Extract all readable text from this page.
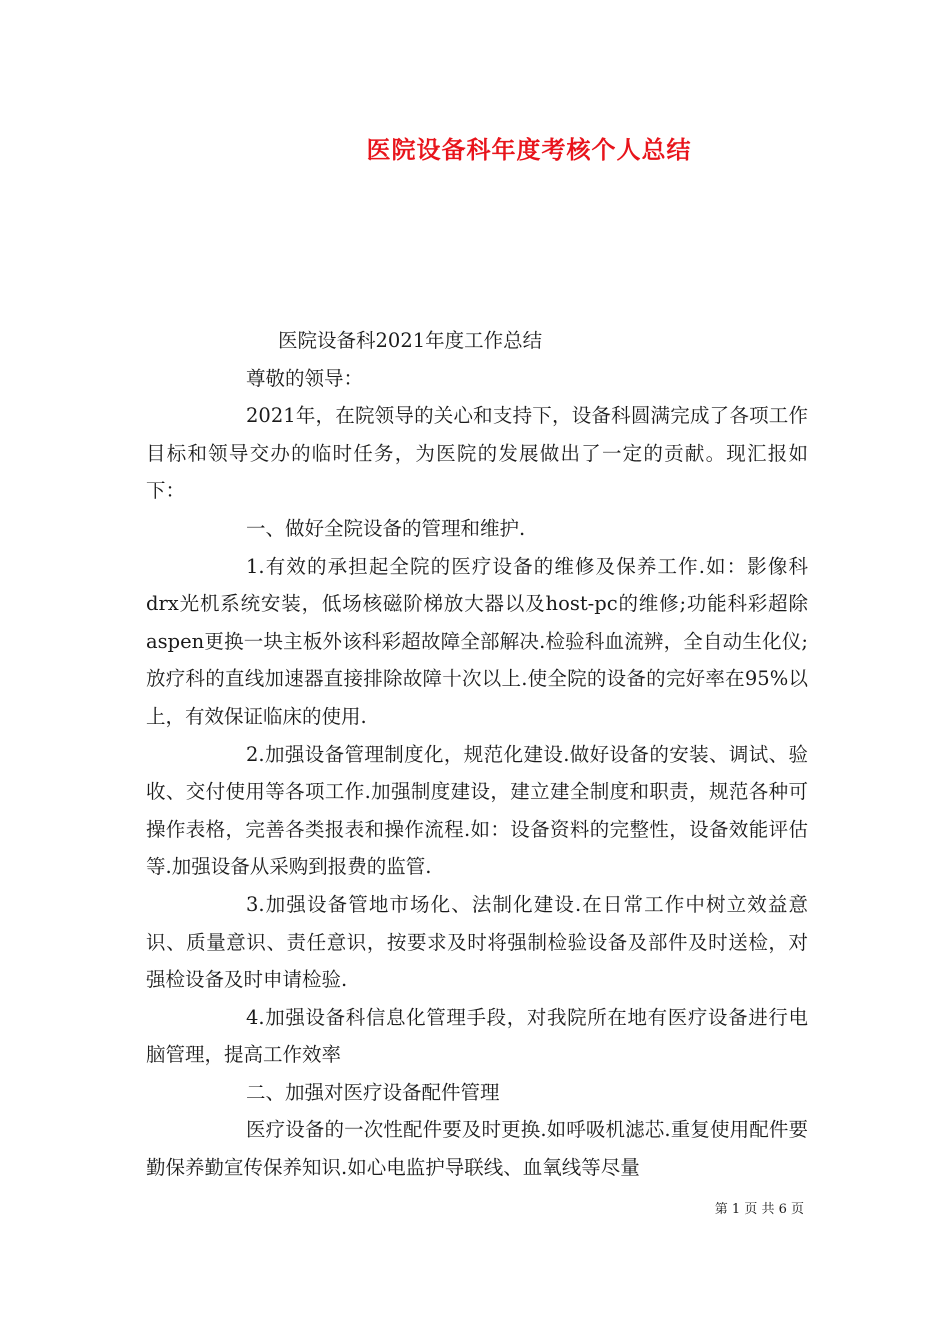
医院设备科年度考核个人总结

医院设备科2021年度工作总结

尊敬的领导：

2021年，在院领导的关心和支持下，设备科圆满完成了各项工作目标和领导交办的临时任务，为医院的发展做出了一定的贡献。现汇报如下：

一、做好全院设备的管理和维护.

1.有效的承担起全院的医疗设备的维修及保养工作.如：影像科drx光机系统安装，低场核磁阶梯放大器以及host-pc的维修;功能科彩超除aspen更换一块主板外该科彩超故障全部解决.检验科血流辨，全自动生化仪;放疗科的直线加速器直接排除故障十次以上.使全院的设备的完好率在95%以上，有效保证临床的使用.

2.加强设备管理制度化，规范化建设.做好设备的安装、调试、验收、交付使用等各项工作.加强制度建设，建立建全制度和职责，规范各种可操作表格，完善各类报表和操作流程.如：设备资料的完整性，设备效能评估等.加强设备从采购到报费的监管.

3.加强设备管地市场化、法制化建设.在日常工作中树立效益意识、质量意识、责任意识，按要求及时将强制检验设备及部件及时送检，对强检设备及时申请检验.

4.加强设备科信息化管理手段，对我院所在地有医疗设备进行电脑管理，提高工作效率

二、加强对医疗设备配件管理

医疗设备的一次性配件要及时更换.如呼吸机滤芯.重复使用配件要勤保养勤宣传保养知识.如心电监护导联线、血氧线等尽量

第 1 页 共 6 页
